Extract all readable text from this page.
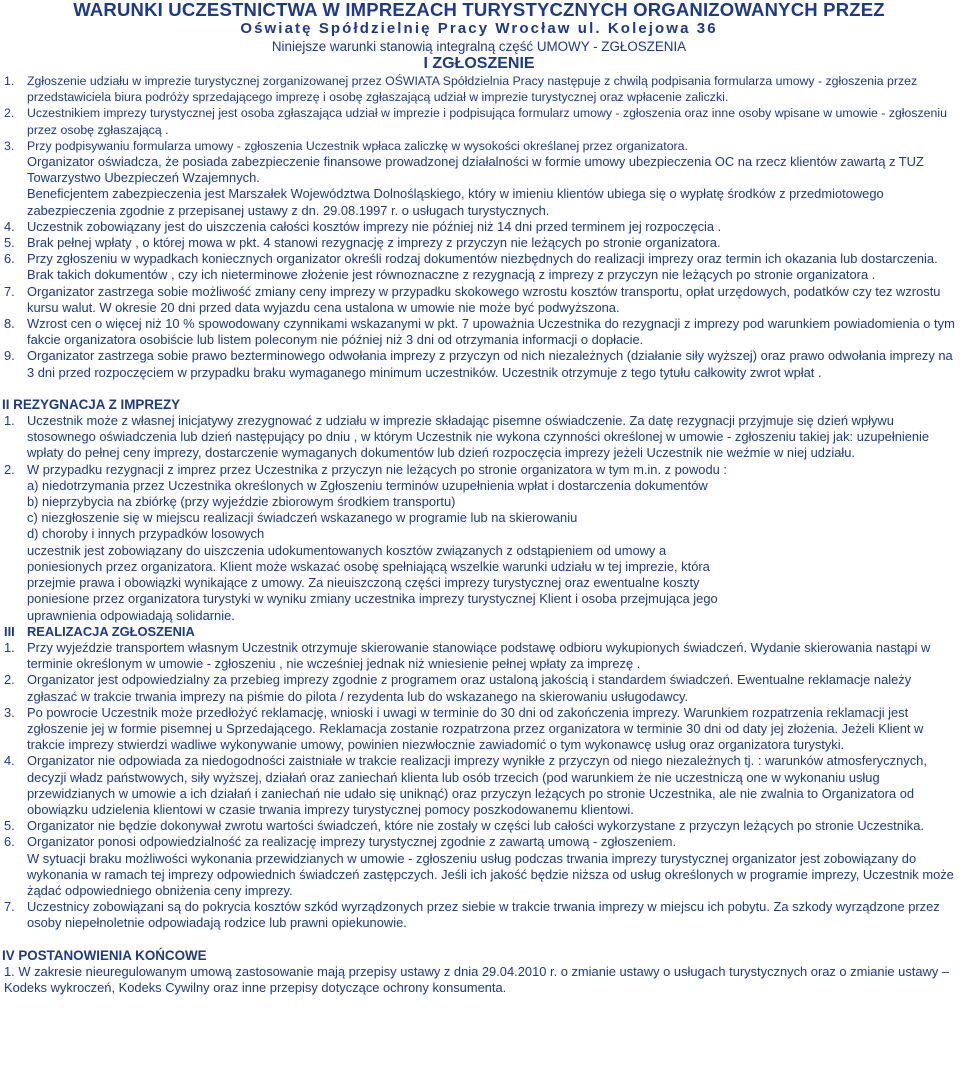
WARUNKI UCZESTNICTWA W IMPREZACH TURYSTYCZNYCH ORGANIZOWANYCH PRZEZ
Oświatę Spółdzielnię Pracy Wrocław ul. Kolejowa 36
Niniejsze warunki stanowią integralną część UMOWY - ZGŁOSZENIA
I ZGŁOSZENIE
1.	Zgłoszenie udziału w imprezie turystycznej zorganizowanej przez OŚWIATA Spółdzielnia Pracy następuje z chwilą podpisania formularza umowy - zgłoszenia przez przedstawiciela biura podróży sprzedającego imprezę i osobę zgłaszającą udział w imprezie turystycznej oraz wpłacenie zaliczki.
2.	Uczestnikiem imprezy turystycznej jest osoba zgłaszająca udział w imprezie i podpisująca formularz umowy - zgłoszenia oraz inne osoby wpisane w umowie - zgłoszeniu przez osobę zgłaszającą .
3.	Przy podpisywaniu formularza umowy - zgłoszenia Uczestnik wpłaca zaliczkę w wysokości określanej przez organizatora.
Organizator oświadcza, że posiada zabezpieczenie finansowe prowadzonej działalności w formie umowy ubezpieczenia OC na rzecz klientów zawartą z TUZ Towarzystwo Ubezpieczeń Wzajemnych.
Beneficjentem zabezpieczenia jest Marszałek Województwa Dolnośląskiego, który w imieniu klientów ubiega się o wypłatę środków z przedmiotowego zabezpieczenia zgodnie z przepisanej ustawy z dn. 29.08.1997 r. o usługach turystycznych.
4. Uczestnik zobowiązany jest do uiszczenia całości kosztów imprezy nie później niż 14 dni przed terminem jej rozpoczęcia .
5. Brak pełnej wpłaty , o której mowa w pkt. 4 stanowi rezygnację z imprezy z przyczyn nie leżących po stronie organizatora.
6. Przy zgłoszeniu w wypadkach koniecznych organizator określi rodzaj dokumentów niezbędnych do realizacji imprezy oraz termin ich okazania lub dostarczenia. Brak takich dokumentów , czy ich nieterminowe złożenie jest równoznaczne z rezygnacją z imprezy z przyczyn nie leżących po stronie organizatora .
7. Organizator zastrzega sobie możliwość zmiany ceny imprezy w przypadku skokowego wzrostu kosztów transportu, opłat urzędowych, podatków czy tez wzrostu kursu walut. W okresie 20 dni przed data wyjazdu cena ustalona w umowie nie może być podwyższona.
8. Wzrost cen o więcej niż 10 % spowodowany czynnikami wskazanymi w pkt. 7 upoważnia Uczestnika do rezygnacji z imprezy pod warunkiem powiadomienia o tym fakcie organizatora osobiście lub listem poleconym nie później niż 3 dni od otrzymania informacji o dopłacie.
9. Organizator zastrzega sobie prawo bezterminowego odwołania imprezy z przyczyn od nich niezależnych (działanie siły wyższej) oraz prawo odwołania imprezy na 3 dni przed rozpoczęciem w przypadku braku wymaganego minimum uczestników. Uczestnik otrzymuje z tego tytułu całkowity zwrot wpłat .
II REZYGNACJA Z IMPREZY
1. Uczestnik może z własnej inicjatywy zrezygnować z udziału w imprezie składając pisemne oświadczenie. Za datę rezygnacji przyjmuje się dzień wpływu stosownego oświadczenia lub dzień następujący po dniu , w którym Uczestnik nie wykona czynności określonej w umowie - zgłoszeniu takiej jak: uzupełnienie wpłaty do pełnej ceny imprezy, dostarczenie wymaganych dokumentów lub dzień rozpoczęcia imprezy jeżeli Uczestnik nie weźmie w niej udziału.
2. W przypadku rezygnacji z imprez przez Uczestnika z przyczyn nie leżących po stronie organizatora w tym m.in. z powodu :
a) niedotrzymania przez Uczestnika określonych w Zgłoszeniu terminów uzupełnienia wpłat i dostarczenia dokumentów
b) nieprzybycia na zbiórkę (przy wyjeździe zbiorowym środkiem transportu)
c) niezgłoszenie się w miejscu realizacji świadczeń wskazanego w programie lub na skierowaniu
d) choroby i innych przypadków losowych
uczestnik jest zobowiązany do uiszczenia udokumentowanych kosztów związanych z odstąpieniem od umowy a
poniesionych przez organizatora. Klient może wskazać osobę spełniającą wszelkie warunki udziału w tej imprezie, która
przejmie prawa i obowiązki wynikające z umowy. Za nieuiszczoną części imprezy turystycznej oraz ewentualne koszty
poniesione przez organizatora turystyki w wyniku zmiany uczestnika imprezy turystycznej Klient i osoba przejmująca jego
uprawnienia odpowiadają solidarnie.
III REALIZACJA ZGŁOSZENIA
1. Przy wyjeździe transportem własnym Uczestnik otrzymuje skierowanie stanowiące podstawę odbioru wykupionych świadczeń. Wydanie skierowania nastąpi w terminie określonym w umowie - zgłoszeniu , nie wcześniej jednak niż wniesienie pełnej wpłaty za imprezę .
2. Organizator jest odpowiedzialny za przebieg imprezy zgodnie z programem oraz ustaloną jakością i standardem świadczeń. Ewentualne reklamacje należy zgłaszać w trakcie trwania imprezy na piśmie do pilota / rezydenta lub do wskazanego na skierowaniu usługodawcy.
3. Po powrocie Uczestnik może przedłożyć reklamację, wnioski i uwagi w terminie do 30 dni od zakończenia imprezy. Warunkiem rozpatrzenia reklamacji jest zgłoszenie jej w formie pisemnej u Sprzedającego. Reklamacja zostanie rozpatrzona przez organizatora w terminie 30 dni od daty jej złożenia. Jeżeli Klient w trakcie imprezy stwierdzi wadliwe wykonywanie umowy, powinien niezwłocznie zawiadomić o tym wykonawcę usług oraz organizatora turystyki.
4. Organizator nie odpowiada za niedogodności zaistniałe w trakcie realizacji imprezy wynikłe z przyczyn od niego niezależnych tj. : warunków atmosferycznych, decyzji władz państwowych, siły wyższej, działań oraz zaniechań klienta lub osób trzecich (pod warunkiem że nie uczestniczą one w wykonaniu usług przewidzianych w umowie a ich działań i zaniechań nie udało się uniknąć) oraz przyczyn leżących po stronie Uczestnika, ale nie zwalnia to Organizatora od obowiązku udzielenia klientowi w czasie trwania imprezy turystycznej pomocy poszkodowanemu klientowi.
5. Organizator nie będzie dokonywał zwrotu wartości świadczeń, które nie zostały w części lub całości wykorzystane z przyczyn leżących po stronie Uczestnika.
6. Organizator ponosi odpowiedzialność za realizację imprezy turystycznej zgodnie z zawartą umową - zgłoszeniem.
W sytuacji braku możliwości wykonania przewidzianych w umowie - zgłoszeniu usług podczas trwania imprezy turystycznej organizator jest zobowiązany do wykonania w ramach tej imprezy odpowiednich świadczeń zastępczych. Jeśli ich jakość będzie niższa od usług określonych w programie imprezy, Uczestnik może żądać odpowiedniego obniżenia ceny imprezy.
7. Uczestnicy zobowiązani są do pokrycia kosztów szkód wyrządzonych przez siebie w trakcie trwania imprezy w miejscu ich pobytu. Za szkody wyrządzone przez osoby niepełnoletnie odpowiadają rodzice lub prawni opiekunowie.
IV POSTANOWIENIA KOŃCOWE
1. W zakresie nieuregulowanym umową zastosowanie mają przepisy ustawy z dnia 29.04.2010 r. o zmianie ustawy o usługach turystycznych oraz o zmianie ustawy – Kodeks wykroczeń, Kodeks Cywilny oraz inne przepisy dotyczące ochrony konsumenta.
